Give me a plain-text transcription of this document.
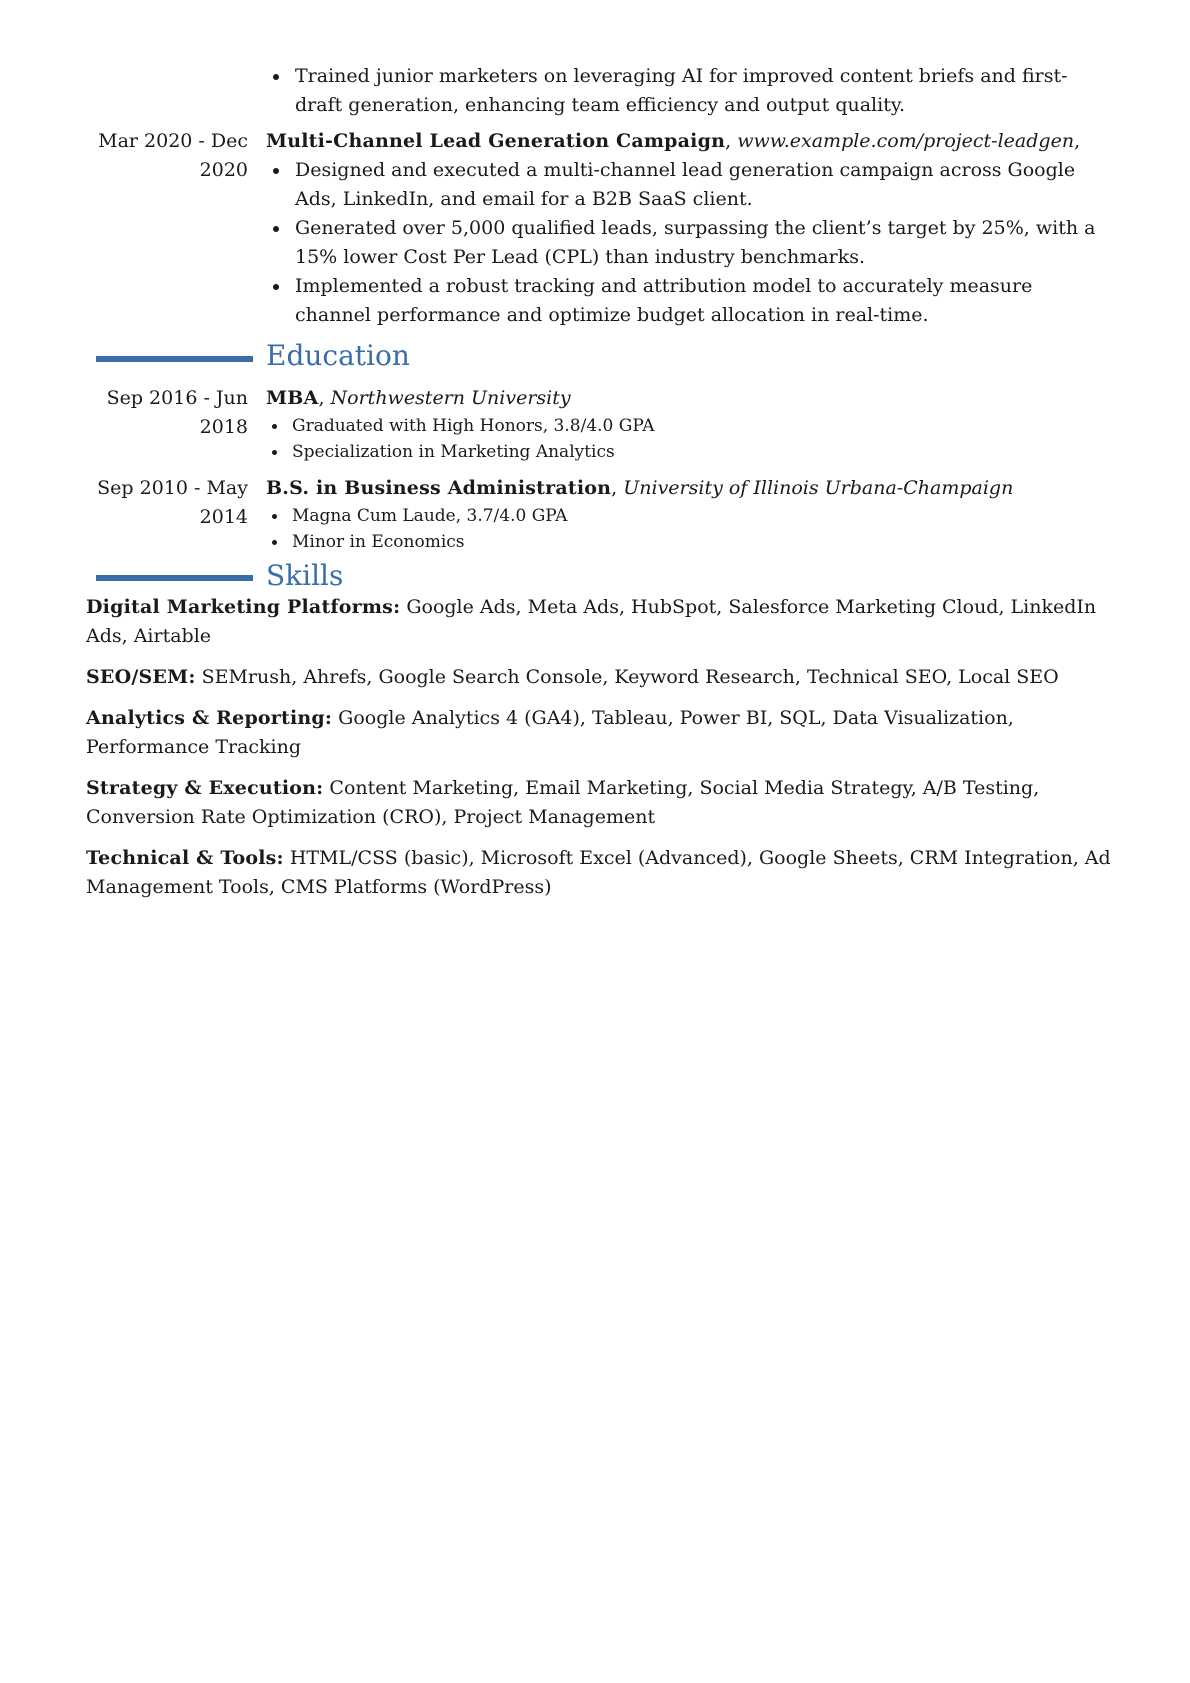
Trained junior marketers on leveraging AI for improved content briefs and first-draft generation, enhancing team efficiency and output quality.
Mar 2020 - Dec 2020

Multi-Channel Lead Generation Campaign, www.example.com/project-leadgen,

Designed and executed a multi-channel lead generation campaign across Google Ads, LinkedIn, and email for a B2B SaaS client.
Generated over 5,000 qualified leads, surpassing the client’s target by 25%, with a 15% lower Cost Per Lead (CPL) than industry benchmarks.
Implemented a robust tracking and attribution model to accurately measure channel performance and optimize budget allocation in real-time.
Education
Sep 2016 - Jun 2018

MBA, Northwestern University

Graduated with High Honors, 3.8/4.0 GPA
Specialization in Marketing Analytics
Sep 2010 - May 2014

B.S. in Business Administration, University of Illinois Urbana-Champaign

Magna Cum Laude, 3.7/4.0 GPA
Minor in Economics
Skills

Digital Marketing Platforms: Google Ads, Meta Ads, HubSpot, Salesforce Marketing Cloud, LinkedIn Ads, Airtable

SEO/SEM: SEMrush, Ahrefs, Google Search Console, Keyword Research, Technical SEO, Local SEO

Analytics & Reporting: Google Analytics 4 (GA4), Tableau, Power BI, SQL, Data Visualization, Performance Tracking

Strategy & Execution: Content Marketing, Email Marketing, Social Media Strategy, A/B Testing, Conversion Rate Optimization (CRO), Project Management

Technical & Tools: HTML/CSS (basic), Microsoft Excel (Advanced), Google Sheets, CRM Integration, Ad Management Tools, CMS Platforms (WordPress)
